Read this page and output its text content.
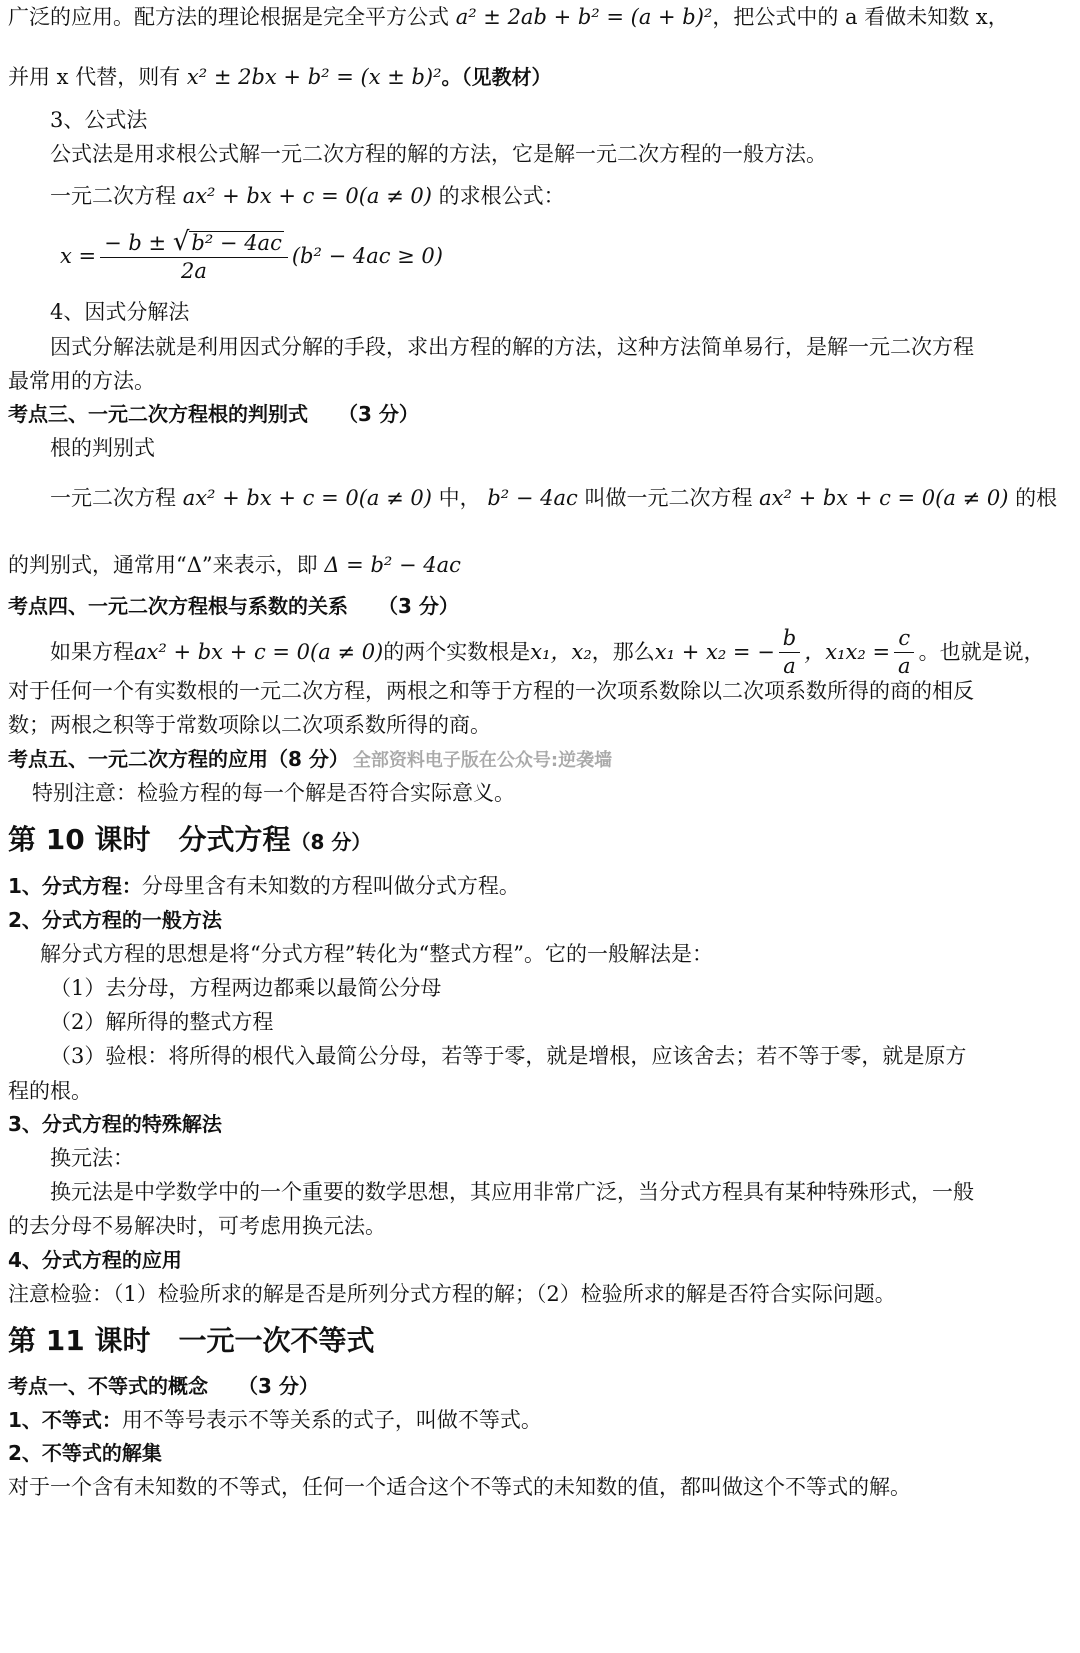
广泛的应用。配方法的理论根据是完全平方公式 a² ± 2ab + b² = (a + b)²，把公式中的 a 看做未知数 x，

并用 x 代替，则有 x² ± 2bx + b² = (x ± b)²。（见教材）

3、公式法

公式法是用求根公式解一元二次方程的解的方法，它是解一元二次方程的一般方法。

一元二次方程 ax² + bx + c = 0(a ≠ 0) 的求根公式：

$x = \frac{\text{− b ± √ b² − 4ac}}{2a} (b^2 - 4ac \ge 0)$

4、因式分解法

因式分解法就是利用因式分解的手段，求出方程的解的方法，这种方法简单易行，是解一元二次方程

最常用的方法。

考点三、一元二次方程根的判别式 （3 分）

根的判别式

一元二次方程 ax² + bx + c = 0(a ≠ 0) 中， b² − 4ac 叫做一元二次方程 ax² + bx + c = 0(a ≠ 0) 的根

的判别式，通常用“Δ”来表示，即 Δ = b² − 4ac

考点四、一元二次方程根与系数的关系 （3 分）

如果方程 ax² + bx + c = 0(a ≠ 0) 的两个实数根是 x₁，x₂ ，那么 x₁ + x₂ = − $\frac{b}{a}$ ，$x_1x_2 = \frac{c}{a}$ 。也就是说，

对于任何一个有实数根的一元二次方程，两根之和等于方程的一次项系数除以二次项系数所得的商的相反

数；两根之积等于常数项除以二次项系数所得的商。

考点五、一元二次方程的应用（8 分） 全部资料电子版在公众号:逆袭墙

特别注意：检验方程的每一个解是否符合实际意义。

第 10 课时　分式方程（8 分）

1、分式方程：分母里含有未知数的方程叫做分式方程。

2、分式方程的一般方法

解分式方程的思想是将“分式方程”转化为“整式方程”。它的一般解法是：

（1）去分母，方程两边都乘以最简公分母

（2）解所得的整式方程

（3）验根：将所得的根代入最简公分母，若等于零，就是增根，应该舍去；若不等于零，就是原方

程的根。

3、分式方程的特殊解法

换元法：

换元法是中学数学中的一个重要的数学思想，其应用非常广泛，当分式方程具有某种特殊形式，一般

的去分母不易解决时，可考虑用换元法。

4、分式方程的应用

注意检验：（1）检验所求的解是否是所列分式方程的解；（2）检验所求的解是否符合实际问题。

第 11 课时　一元一次不等式

考点一、不等式的概念 （3 分）

1、不等式：用不等号表示不等关系的式子，叫做不等式。

2、不等式的解集

对于一个含有未知数的不等式，任何一个适合这个不等式的未知数的值，都叫做这个不等式的解。
